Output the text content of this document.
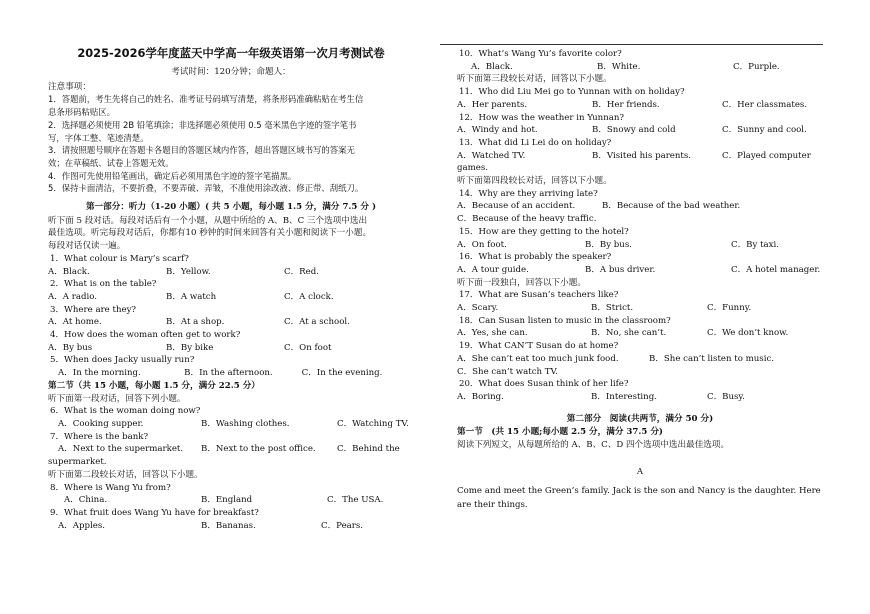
2025-2026学年度蓝天中学高一年级英语第一次月考测试卷
考试时间：120分钟；命题人：
注意事项：
1．答题前，考生先将自己的姓名、准考证号码填写清楚，将条形码准确粘贴在考生信
息条形码粘贴区。
2．选择题必须使用 2B 铅笔填涂；非选择题必须使用 0.5 毫米黑色字迹的签字笔书
写，字体工整、笔迹清楚。
3．请按照题号顺序在答题卡各题目的答题区域内作答，超出答题区域书写的答案无
效；在草稿纸、试卷上答题无效。
4．作图可先使用铅笔画出，确定后必须用黑色字迹的签字笔描黑。
5．保持卡面清洁，不要折叠，不要弄破、弄皱，不准使用涂改液、修正带、刮纸刀。
第一部分：听力（1-20 小题）( 共 5 小题，每小题 1.5 分，满分 7.5 分 )
听下面 5 段对话。每段对话后有一个小题，从题中所给的 A、B、C 三个选项中选出
最佳选项。听完每段对话后，你都有10 秒钟的时间来回答有关小题和阅读下一小题。
每段对话仅读一遍。
1．What colour is Mary’s scarf?
A．Black.	B．Yellow.	C．Red.
2．What is on the table?
A．A radio.	B．A watch	C．A clock.
3．Where are they?
A．At home.	B．At a shop.	C．At a school.
4．How does the woman often get to work?
A．By bus	B．By bike	C．On foot
5．When does Jacky usually run?
A．In the morning.	B．In the afternoon.	C．In the evening.
第二节（共 15 小题，每小题 1.5 分，满分 22.5 分）
听下面第一段对话，回答下列小题。
6．What is the woman doing now?
A．Cooking supper.	B．Washing clothes.	C．Watching TV.
7．Where is the bank?
A．Next to the supermarket.	B．Next to the post office.	C．Behind the
supermarket.
听下面第二段较长对话，回答以下小题。
8．Where is Wang Yu from?
A．China.	B．England	C．The USA.
9．What fruit does Wang Yu have for breakfast?
A．Apples.	B．Bananas.	C．Pears.
10．What’s Wang Yu’s favorite color?
A．Black.	B．White.	C．Purple.
听下面第三段较长对话，回答以下小题。
11．Who did Liu Mei go to Yunnan with on holiday?
A．Her parents.	B．Her friends.	C．Her classmates.
12．How was the weather in Yunnan?
A．Windy and hot.	B．Snowy and cold	C．Sunny and cool.
13．What did Li Lei do on holiday?
A．Watched TV.	B．Visited his parents.	C．Played computer
games.
听下面第四段较长对话，回答以下小题。
14．Why are they arriving late?
A．Because of an accident.	B．Because of the bad weather.
C．Because of the heavy traffic.
15．How are they getting to the hotel?
A．On foot.	B．By bus.	C．By taxi.
16．What is probably the speaker?
A．A tour guide.	B．A bus driver.	C．A hotel manager.
听下面一段独白，回答以下小题。
17．What are Susan’s teachers like?
A．Scary.	B．Strict.	C．Funny.
18．Can Susan listen to music in the classroom?
A．Yes, she can.	B．No, she can’t.	C．We don’t know.
19．What CAN’T Susan do at home?
A．She can’t eat too much junk food.	B．She can’t listen to music.
C．She can’t watch TV.
20．What does Susan think of her life?
A．Boring.	B．Interesting.	C．Busy.
第二部分　阅读(共两节，满分 50 分)
第一节　(共 15 小题;每小题 2.5 分，满分 37.5 分)
阅读下列短文，从每题所给的 A、B、C、D 四个选项中选出最佳选项。
A
Come and meet the Green’s family. Jack is the son and Nancy is the daughter. Here are their things.
